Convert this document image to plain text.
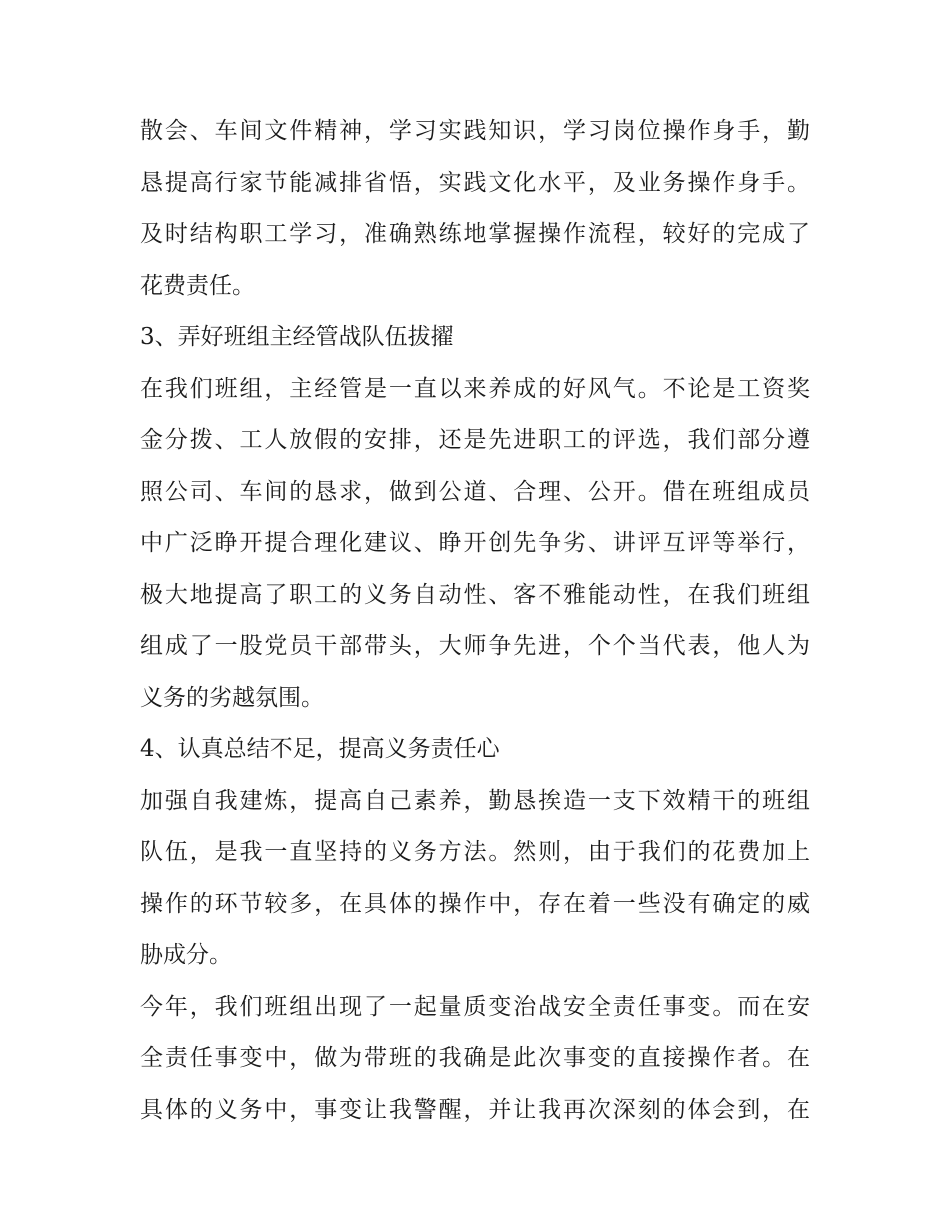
散会、车间文件精神，学习实践知识，学习岗位操作身手，勤
恳提高行家节能减排省悟，实践文化水平，及业务操作身手。
及时结构职工学习，准确熟练地掌握操作流程，较好的完成了
花费责任。
3、弄好班组主经管战队伍拔擢
在我们班组，主经管是一直以来养成的好风气。不论是工资奖
金分拨、工人放假的安排，还是先进职工的评选，我们部分遵
照公司、车间的恳求，做到公道、合理、公开。借在班组成员
中广泛睁开提合理化建议、睁开创先争劣、讲评互评等举行，
极大地提高了职工的义务自动性、客不雅能动性，在我们班组
组成了一股党员干部带头，大师争先进，个个当代表，他人为
义务的劣越氛围。
4、认真总结不足，提高义务责任心
加强自我建炼，提高自己素养，勤恳挨造一支下效精干的班组
队伍，是我一直坚持的义务方法。然则，由于我们的花费加上
操作的环节较多，在具体的操作中，存在着一些没有确定的威
胁成分。
今年，我们班组出现了一起量质变治战安全责任事变。而在安
全责任事变中，做为带班的我确是此次事变的直接操作者。在
具体的义务中，事变让我警醒，并让我再次深刻的体会到，在
